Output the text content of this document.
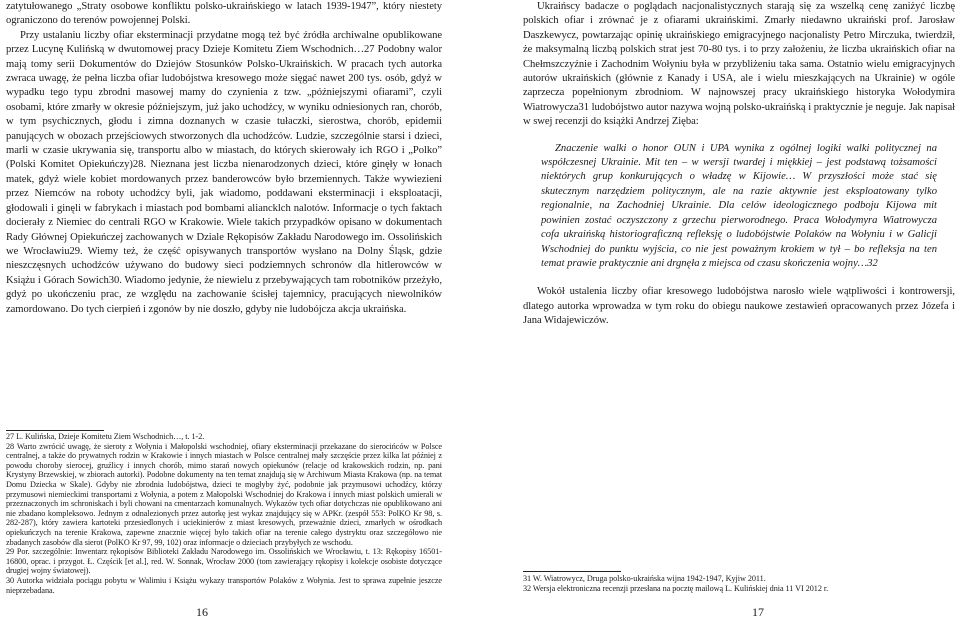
zatytułowanego „Straty osobowe konfliktu polsko-ukraińskiego w latach 1939-1947”, który niestety ograniczono do terenów powojennej Polski.

Przy ustalaniu liczby ofiar eksterminacji przydatne mogą też być źródła archiwalne opublikowane przez Lucynę Kulińską w dwutomowej pracy Dzieje Komitetu Ziem Wschodnich…27 Podobny walor mają tomy serii Dokumentów do Dziejów Stosunków Polsko-Ukraińskich. W pracach tych autorka zwraca uwagę, że pełna liczba ofiar ludobójstwa kresowego może sięgać nawet 200 tys. osób, gdyż w wypadku tego typu zbrodni masowej mamy do czynienia z tzw. „późniejszymi ofiarami”, czyli osobami, które zmarły w okresie późniejszym, już jako uchodźcy, w wyniku odniesionych ran, chorób, w tym psychicznych, głodu i zimna doznanych w czasie tułaczki, sierostwa, chorób, epidemii panujących w obozach przejściowych stworzonych dla uchodźców. Ludzie, szczególnie starsi i dzieci, marli w czasie ukrywania się, transportu albo w miastach, do których skierowały ich RGO i „Polko” (Polski Komitet Opiekuńczy)28. Nieznana jest liczba nienarodzonych dzieci, które ginęły w łonach matek, gdyż wiele kobiet mordowanych przez banderowców było brzemiennych. Także wywiezieni przez Niemców na roboty uchodźcy byli, jak wiadomo, poddawani eksterminacji i eksploatacji, głodowali i ginęli w fabrykach i miastach pod bombami aliancklch nalotów. Informacje o tych faktach docierały z Niemiec do centrali RGO w Krakowie. Wiele takich przypadków opisano w dokumentach Rady Głównej Opiekuńczej zachowanych w Dziale Rękopisów Zakładu Narodowego im. Ossolińskich we Wrocławiu29. Wiemy też, że część opisywanych transportów wysłano na Dolny Śląsk, gdzie nieszczęsnych uchodźców używano do budowy sieci podziemnych schronów dla hitlerowców w Książu i Górach Sowich30. Wiadomo jedynie, że niewielu z przebywających tam robotników przeżyło, gdyż po ukończeniu prac, ze względu na zachowanie ścisłej tajemnicy, pracujących niewolników zamordowano. Do tych cierpień i zgonów by nie doszło, gdyby nie ludobójcza akcja ukraińska.

27 L. Kulińska, Dzieje Komitetu Ziem Wschodnich…, t. 1-2.

28 Warto zwrócić uwagę, że sieroty z Wołynia i Małopolski wschodniej, ofiary eksterminacji przekazane do sierocińców w Polsce centralnej, a także do prywatnych rodzin w Krakowie i innych miastach w Polsce centralnej mały szczęście przez kilka lat później z powodu choroby sierocej, gruźlicy i innych chorób, mimo starań nowych opiekunów (relacje od krakowskich rodzin, np. pani Krystyny Brzewskiej, w zbiorach autorki). Podobne dokumenty na ten temat znajdują się w Archiwum Miasta Krakowa (np. na temat Domu Dziecka w Skale). Gdyby nie zbrodnia ludobójstwa, dzieci te mogłyby żyć, podobnie jak przymusowi uchodźcy, którzy przymusowi niemieckimi transportami z Wołynia, a potem z Małopolski Wschodniej do Krakowa i innych miast polskich umierali w przeznaczonych im schroniskach i byli chowani na cmentarzach komunalnych. Wykazów tych ofiar dotychczas nie opublikowano ani nie zbadano kompleksowo. Jednym z odnalezionych przez autorkę jest wykaz znajdujący się w APKr. (zespół 553: PolKO Kr 98, s. 282-287), który zawiera kartoteki przesiedlonych i uciekinierów z miast kresowych, przeważnie dzieci, zmarłych w ośrodkach opiekuńczych na terenie Krakowa, zapewne znacznie więcej było takich ofiar na terenie całego dystryktu oraz szczegółowo nie zbadanych zasobów dla sierot (PolKO Kr 97, 99, 102) oraz informacje o dzieciach przybyłych ze wschodu.

29 Por. szczególnie: Inwentarz rękopisów Biblioteki Zakładu Narodowego im. Ossolińskich we Wrocławiu, t. 13: Rękopisy 16501-16800, oprac. i przygot. Ł. Częścik [et al.], red. W. Sonnak, Wrocław 2000 (tom zawierający rękopisy i kolekcje osobiste dotyczące drugiej wojny światowej).

30 Autorka widziała pociągu pobytu w Walimiu i Książu wykazy transportów Polaków z Wołynia. Jest to sprawa zupełnie jeszcze nieprzebadana.

Ukraińscy badacze o poglądach nacjonalistycznych starają się za wszelką cenę zaniżyć liczbę polskich ofiar i zrównać je z ofiarami ukraińskimi. Zmarły niedawno ukraiński prof. Jarosław Daszkewycz, powtarzając opinię ukraińskiego emigracyjnego nacjonalisty Petro Mirczuka, twierdził, że maksymalną liczbą polskich strat jest 70-80 tys. i to przy założeniu, że liczba ukraińskich ofiar na Chełmszczyźnie i Zachodnim Wołyniu była w przybliżeniu taka sama. Ostatnio wielu emigracyjnych autorów ukraińskich (głównie z Kanady i USA, ale i wielu mieszkających na Ukrainie) w ogóle zaprzecza popełnionym zbrodniom. W najnowszej pracy ukraińskiego historyka Wołodymira Wiatrowycza31 ludobójstwo autor nazywa wojną polsko-ukraińską i praktycznie je neguje. Jak napisał w swej recenzji do książki Andrzej Zięba:

Znaczenie walki o honor OUN i UPA wynika z ogólnej logiki walki politycznej na współczesnej Ukrainie. Mit ten – w wersji twardej i miękkiej – jest podstawą tożsamości niektórych grup konkurujących o władzę w Kijowie… W przyszłości może stać się skutecznym narzędziem politycznym, ale na razie aktywnie jest eksploatowany tylko regionalnie, na Zachodniej Ukrainie. Dla celów ideologicznego podboju Kijowa mit powinien zostać oczyszczony z grzechu pierworodnego. Praca Wołodymyra Wiatrowycza cofa ukraińską historiograficzną refleksję o ludobójstwie Polaków na Wołyniu i w Galicji Wschodniej do punktu wyjścia, co nie jest poważnym krokiem w tył – bo refleksja na ten temat prawie praktycznie ani drgnęła z miejsca od czasu skończenia wojny…32

Wokół ustalenia liczby ofiar kresowego ludobójstwa narosło wiele wątpliwości i kontrowersji, dlatego autorka wprowadza w tym roku do obiegu naukowe zestawień opracowanych przez Józefa i Jana Widajewiczów.

31 W. Wiatrowycz, Druga polsko-ukraińska wijna 1942-1947, Kyjiw 2011.

32 Wersja elektroniczna recenzji przesłana na pocztę mailową L. Kulińskiej dnia 11 VI 2012 r.

16	17
